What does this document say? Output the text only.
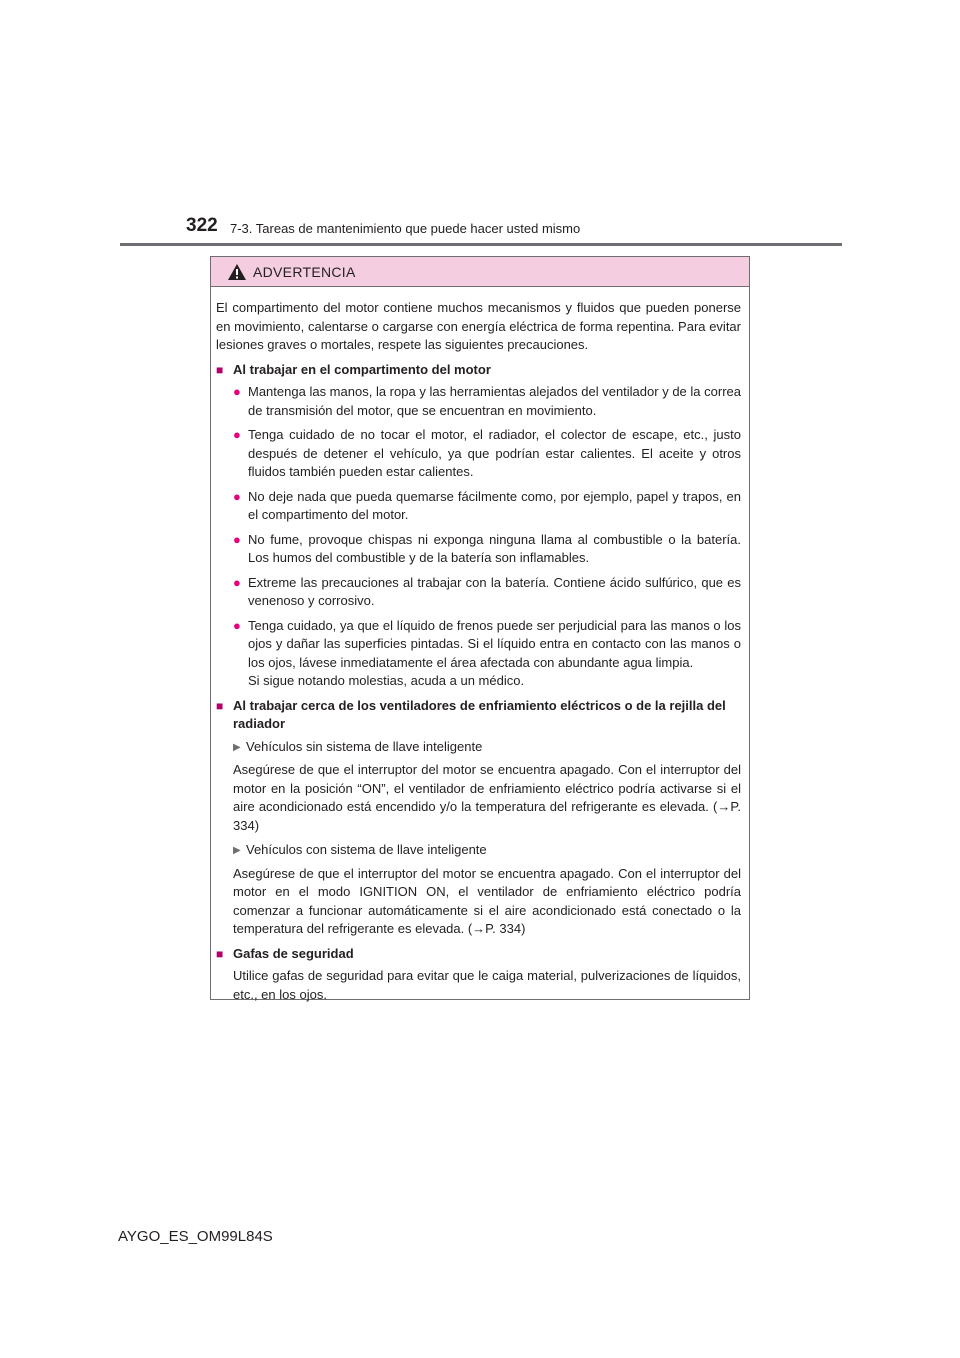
322 7-3. Tareas de mantenimiento que puede hacer usted mismo
ADVERTENCIA

El compartimento del motor contiene muchos mecanismos y fluidos que pueden ponerse en movimiento, calentarse o cargarse con energía eléctrica de forma repentina. Para evitar lesiones graves o mortales, respete las siguientes precauciones.

■ Al trabajar en el compartimento del motor
● Mantenga las manos, la ropa y las herramientas alejados del ventilador y de la correa de transmisión del motor, que se encuentran en movimiento.
● Tenga cuidado de no tocar el motor, el radiador, el colector de escape, etc., justo después de detener el vehículo, ya que podrían estar calientes. El aceite y otros fluidos también pueden estar calientes.
● No deje nada que pueda quemarse fácilmente como, por ejemplo, papel y trapos, en el compartimento del motor.
● No fume, provoque chispas ni exponga ninguna llama al combustible o la batería. Los humos del combustible y de la batería son inflamables.
● Extreme las precauciones al trabajar con la batería. Contiene ácido sulfúrico, que es venenoso y corrosivo.
● Tenga cuidado, ya que el líquido de frenos puede ser perjudicial para las manos o los ojos y dañar las superficies pintadas. Si el líquido entra en contacto con las manos o los ojos, lávese inmediatamente el área afectada con abundante agua limpia.
Si sigue notando molestias, acuda a un médico.
■ Al trabajar cerca de los ventiladores de enfriamiento eléctricos o de la rejilla del radiador
▶ Vehículos sin sistema de llave inteligente

Asegúrese de que el interruptor del motor se encuentra apagado. Con el interruptor del motor en la posición “ON”, el ventilador de enfriamiento eléctrico podría activarse si el aire acondicionado está encendido y/o la temperatura del refrigerante es elevada. (→P. 334)

▶ Vehículos con sistema de llave inteligente

Asegúrese de que el interruptor del motor se encuentra apagado. Con el interruptor del motor en el modo IGNITION ON, el ventilador de enfriamiento eléctrico podría comenzar a funcionar automáticamente si el aire acondicionado está conectado o la temperatura del refrigerante es elevada. (→P. 334)

■ Gafas de seguridad

Utilice gafas de seguridad para evitar que le caiga material, pulverizaciones de líquidos, etc., en los ojos.

AYGO_ES_OM99L84S
